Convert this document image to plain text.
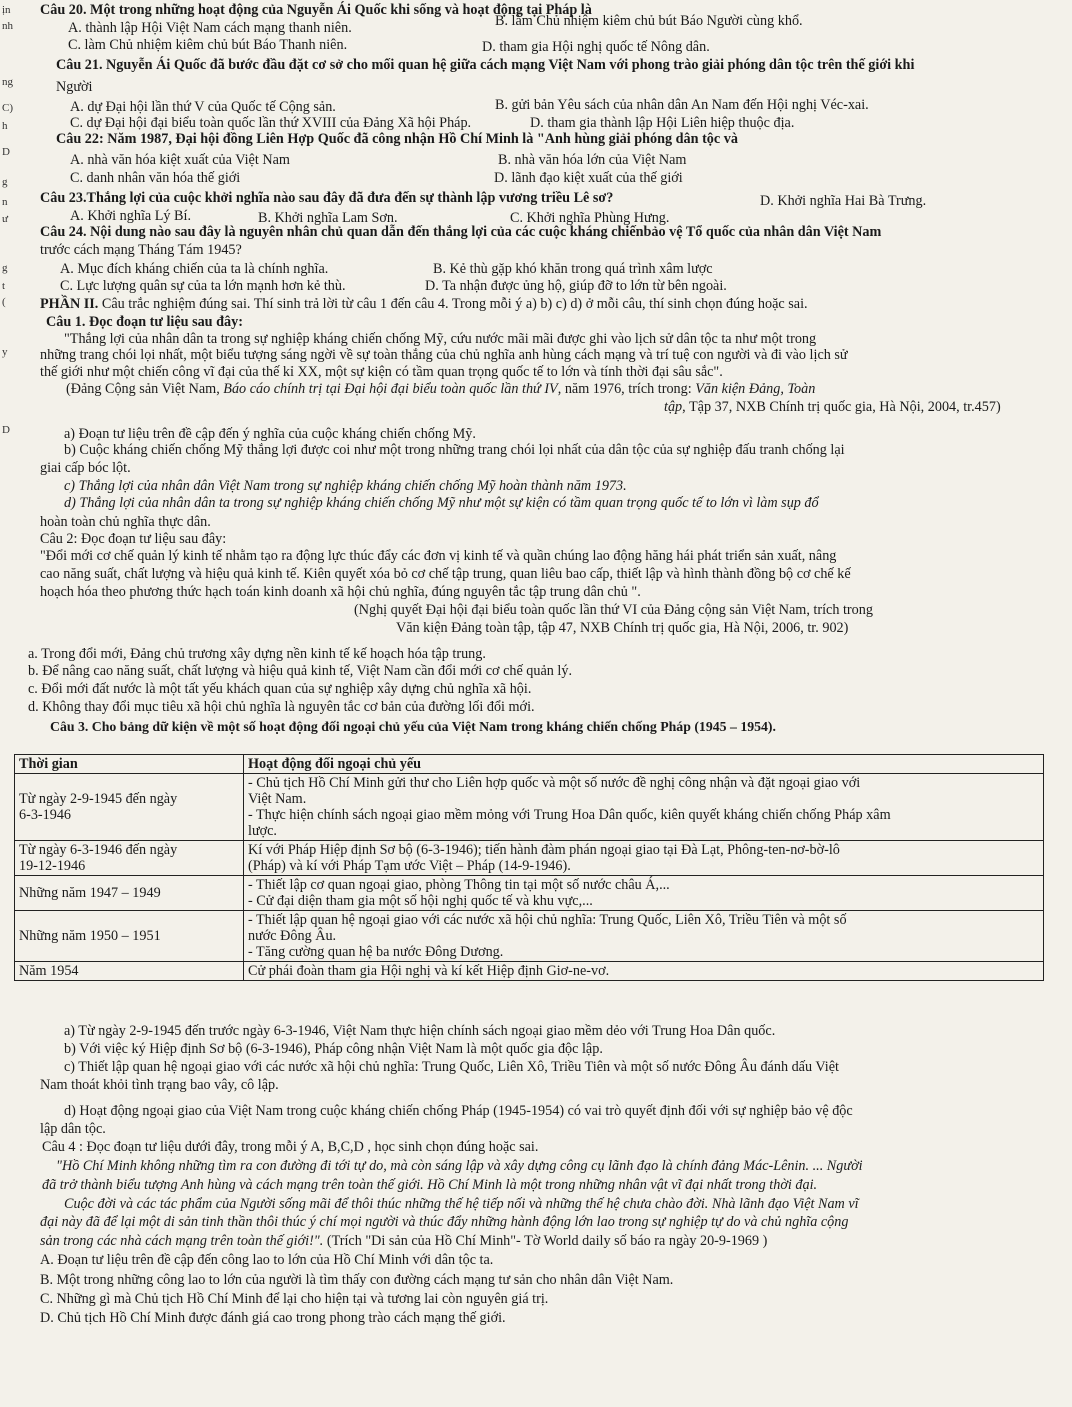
ịn
nh
ng
C)
h
D
g
n
ư
g
t
(
y
D
Câu 20. Một trong những hoạt động của Nguyễn Ái Quốc khi sống và hoạt động tại Pháp là
A. thành lập Hội Việt Nam cách mạng thanh niên.	B. làm Chủ nhiệm kiêm chủ bút Báo Người cùng khổ.
C. làm Chủ nhiệm kiêm chủ bút Báo Thanh niên.	D. tham gia Hội nghị quốc tế Nông dân.
Câu 21. Nguyễn Ái Quốc đã bước đầu đặt cơ sở cho mối quan hệ giữa cách mạng Việt Nam với phong trào giải phóng dân tộc trên thế giới khi
Người
A. dự Đại hội lần thứ V của Quốc tế Cộng sản.	B. gửi bản Yêu sách của nhân dân An Nam đến Hội nghị Véc-xai.
C. dự Đại hội đại biểu toàn quốc lần thứ XVIII của Đảng Xã hội Pháp.	D. tham gia thành lập Hội Liên hiệp thuộc địa.
Câu 22: Năm 1987, Đại hội đồng Liên Hợp Quốc đã công nhận Hồ Chí Minh là "Anh hùng giải phóng dân tộc và
A. nhà văn hóa kiệt xuất của Việt Nam	B. nhà văn hóa lớn của Việt Nam
C. danh nhân văn hóa thế giới	D. lãnh đạo kiệt xuất của thế giới
Câu 23.Thắng lợi của cuộc khởi nghĩa nào sau đây đã đưa đến sự thành lập vương triều Lê sơ?
A. Khởi nghĩa Lý Bí.	B. Khởi nghĩa Lam Sơn.	C. Khởi nghĩa Phùng Hưng.
D. Khởi nghĩa Hai Bà Trưng.
Câu 24. Nội dung nào sau đây là nguyên nhân chủ quan dẫn đến thắng lợi của các cuộc kháng chiếnbảo vệ Tổ quốc của nhân dân Việt Nam
trước cách mạng Tháng Tám 1945?
A. Mục đích kháng chiến của ta là chính nghĩa.	B. Kẻ thù gặp khó khăn trong quá trình xâm lược
C. Lực lượng quân sự của ta lớn mạnh hơn kẻ thù.	D. Ta nhận được ủng hộ, giúp đỡ to lớn từ bên ngoài.
PHẦN II. Câu trắc nghiệm đúng sai. Thí sinh trả lời từ câu 1 đến câu 4. Trong mỗi ý a) b) c) d) ở mỗi câu, thí sinh chọn đúng hoặc sai.
Câu 1. Đọc đoạn tư liệu sau đây:
"Thắng lợi của nhân dân ta trong sự nghiệp kháng chiến chống Mỹ, cứu nước mãi mãi được ghi vào lịch sử dân tộc ta như một trong
những trang chói lọi nhất, một biểu tượng sáng ngời về sự toàn thắng của chủ nghĩa anh hùng cách mạng và trí tuệ con người và đi vào lịch sử
thế giới như một chiến công vĩ đại của thế kỉ XX, một sự kiện có tầm quan trọng quốc tế to lớn và tính thời đại sâu sắc".
(Đảng Cộng sản Việt Nam, Báo cáo chính trị tại Đại hội đại biểu toàn quốc lần thứ IV, năm 1976, trích trong: Văn kiện Đảng, Toàn
tập, Tập 37, NXB Chính trị quốc gia, Hà Nội, 2004, tr.457)
a) Đoạn tư liệu trên đề cập đến ý nghĩa của cuộc kháng chiến chống Mỹ.
b) Cuộc kháng chiến chống Mỹ thắng lợi được coi như một trong những trang chói lọi nhất của dân tộc của sự nghiệp đấu tranh chống lại
giai cấp bóc lột.
c) Thắng lợi của nhân dân Việt Nam trong sự nghiệp kháng chiến chống Mỹ hoàn thành năm 1973.
d) Thắng lợi của nhân dân ta trong sự nghiệp kháng chiến chống Mỹ như một sự kiện có tầm quan trọng quốc tế to lớn vì làm sụp đổ
hoàn toàn chủ nghĩa thực dân.
Câu 2: Đọc đoạn tư liệu sau đây:
"Đổi mới cơ chế quản lý kinh tế nhằm tạo ra động lực thúc đẩy các đơn vị kinh tế và quần chúng lao động hăng hái phát triển sản xuất, nâng
cao năng suất, chất lượng và hiệu quả kinh tế. Kiên quyết xóa bỏ cơ chế tập trung, quan liêu bao cấp, thiết lập và hình thành đồng bộ cơ chế kế
hoạch hóa theo phương thức hạch toán kinh doanh xã hội chủ nghĩa, đúng nguyên tắc tập trung dân chủ ".
(Nghị quyết Đại hội đại biểu toàn quốc lần thứ VI của Đảng cộng sản Việt Nam, trích trong
Văn kiện Đảng toàn tập, tập 47, NXB Chính trị quốc gia, Hà Nội, 2006, tr. 902)
a. Trong đổi mới, Đảng chủ trương xây dựng nền kinh tế kế hoạch hóa tập trung.
b. Để nâng cao năng suất, chất lượng và hiệu quả kinh tế, Việt Nam cần đổi mới cơ chế quản lý.
c. Đổi mới đất nước là một tất yếu khách quan của sự nghiệp xây dựng chủ nghĩa xã hội.
d. Không thay đổi mục tiêu xã hội chủ nghĩa là nguyên tắc cơ bản của đường lối đổi mới.
Câu 3. Cho bảng dữ kiện về một số hoạt động đối ngoại chủ yếu của Việt Nam trong kháng chiến chống Pháp (1945 – 1954).
Thời gian	Hoạt động đối ngoại chủ yếu

Từ ngày 2-9-1945 đến ngày
6-3-1946	- Chủ tịch Hồ Chí Minh gửi thư cho Liên hợp quốc và một số nước đề nghị công nhận và đặt ngoại giao với
Việt Nam.
- Thực hiện chính sách ngoại giao mềm mỏng với Trung Hoa Dân quốc, kiên quyết kháng chiến chống Pháp xâm
lược.

Từ ngày 6-3-1946 đến ngày
19-12-1946	Kí với Pháp Hiệp định Sơ bộ (6-3-1946); tiến hành đàm phán ngoại giao tại Đà Lạt, Phông-ten-nơ-bờ-lô
(Pháp) và kí với Pháp Tạm ước Việt – Pháp (14-9-1946).

Những năm 1947 – 1949	- Thiết lập cơ quan ngoại giao, phòng Thông tin tại một số nước châu Á,...
- Cử đại diện tham gia một số hội nghị quốc tế và khu vực,...

Những năm 1950 – 1951	- Thiết lập quan hệ ngoại giao với các nước xã hội chủ nghĩa: Trung Quốc, Liên Xô, Triều Tiên và một số
nước Đông Âu.
- Tăng cường quan hệ ba nước Đông Dương.

Năm 1954	Cử phái đoàn tham gia Hội nghị và kí kết Hiệp định Giơ-ne-vơ.
a) Từ ngày 2-9-1945 đến trước ngày 6-3-1946, Việt Nam thực hiện chính sách ngoại giao mềm dẻo với Trung Hoa Dân quốc.
b) Với việc ký Hiệp định Sơ bộ (6-3-1946), Pháp công nhận Việt Nam là một quốc gia độc lập.
c) Thiết lập quan hệ ngoại giao với các nước xã hội chủ nghĩa: Trung Quốc, Liên Xô, Triều Tiên và một số nước Đông Âu đánh dấu Việt
Nam thoát khỏi tình trạng bao vây, cô lập.
d) Hoạt động ngoại giao của Việt Nam trong cuộc kháng chiến chống Pháp (1945-1954) có vai trò quyết định đối với sự nghiệp bảo vệ độc
lập dân tộc.
Câu 4 : Đọc đoạn tư liệu dưới đây, trong mỗi ý A, B,C,D , học sinh chọn đúng hoặc sai.
"Hồ Chí Minh không những tìm ra con đường đi tới tự do, mà còn sáng lập và xây dựng công cụ lãnh đạo là chính đảng Mác-Lênin. ... Người
đã trở thành biểu tượng Anh hùng và cách mạng trên toàn thế giới. Hồ Chí Minh là một trong những nhân vật vĩ đại nhất trong thời đại.
Cuộc đời và các tác phẩm của Người sống mãi để thôi thúc những thế hệ tiếp nối và những thế hệ chưa chào đời. Nhà lãnh đạo Việt Nam vĩ
đại này đã để lại một di sản tinh thần thôi thúc ý chí mọi người và thúc đẩy những hành động lớn lao trong sự nghiệp tự do và chủ nghĩa cộng
sản trong các nhà cách mạng trên toàn thế giới!". (Trích "Di sản của Hồ Chí Minh"- Tờ World daily số báo ra ngày 20-9-1969 )
A. Đoạn tư liệu trên đề cập đến công lao to lớn của Hồ Chí Minh với dân tộc ta.
B. Một trong những công lao to lớn của người là tìm thấy con đường cách mạng tư sản cho nhân dân Việt Nam.
C. Những gì mà Chủ tịch Hồ Chí Minh để lại cho hiện tại và tương lai còn nguyên giá trị.
D. Chủ tịch Hồ Chí Minh được đánh giá cao trong phong trào cách mạng thế giới.
